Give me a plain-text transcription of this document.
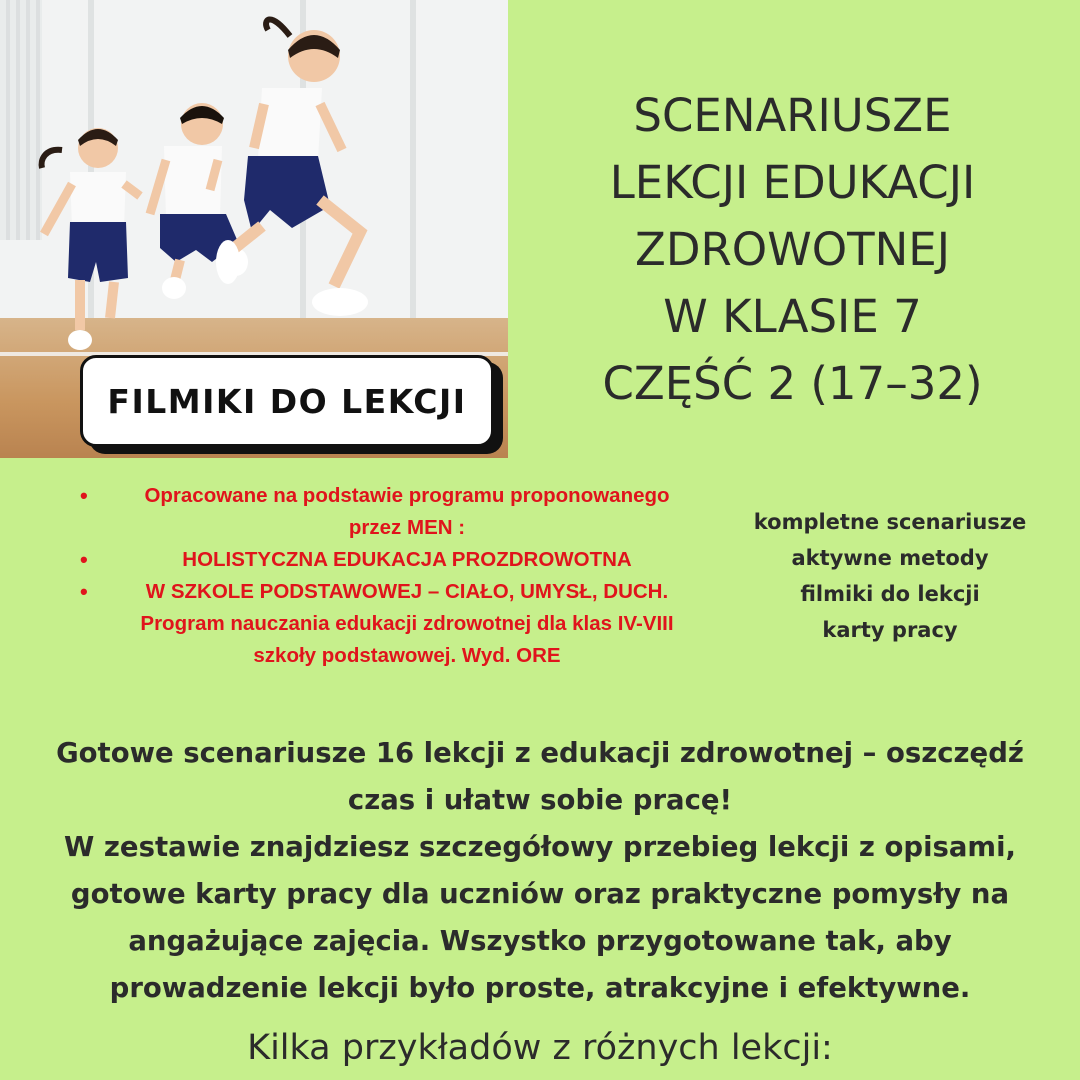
FILMIKI DO LEKCJI
SCENARIUSZE
LEKCJI EDUKACJI
ZDROWOTNEJ
W KLASIE 7
CZĘŚĆ 2 (17–32)
• Opracowane na podstawie programu proponowanego przez MEN :
• HOLISTYCZNA EDUKACJA PROZDROWOTNA
• W SZKOLE PODSTAWOWEJ – CIAŁO, UMYSŁ, DUCH. Program nauczania edukacji zdrowotnej dla klas IV-VIII szkoły podstawowej. Wyd. ORE
kompletne scenariusze
aktywne metody
filmiki do lekcji
karty pracy
Gotowe scenariusze 16 lekcji z edukacji zdrowotnej – oszczędź
czas i ułatw sobie pracę!
W zestawie znajdziesz szczegółowy przebieg lekcji z opisami,
gotowe karty pracy dla uczniów oraz praktyczne pomysły na
angażujące zajęcia. Wszystko przygotowane tak, aby
prowadzenie lekcji było proste, atrakcyjne i efektywne.
Kilka przykładów z różnych lekcji:
